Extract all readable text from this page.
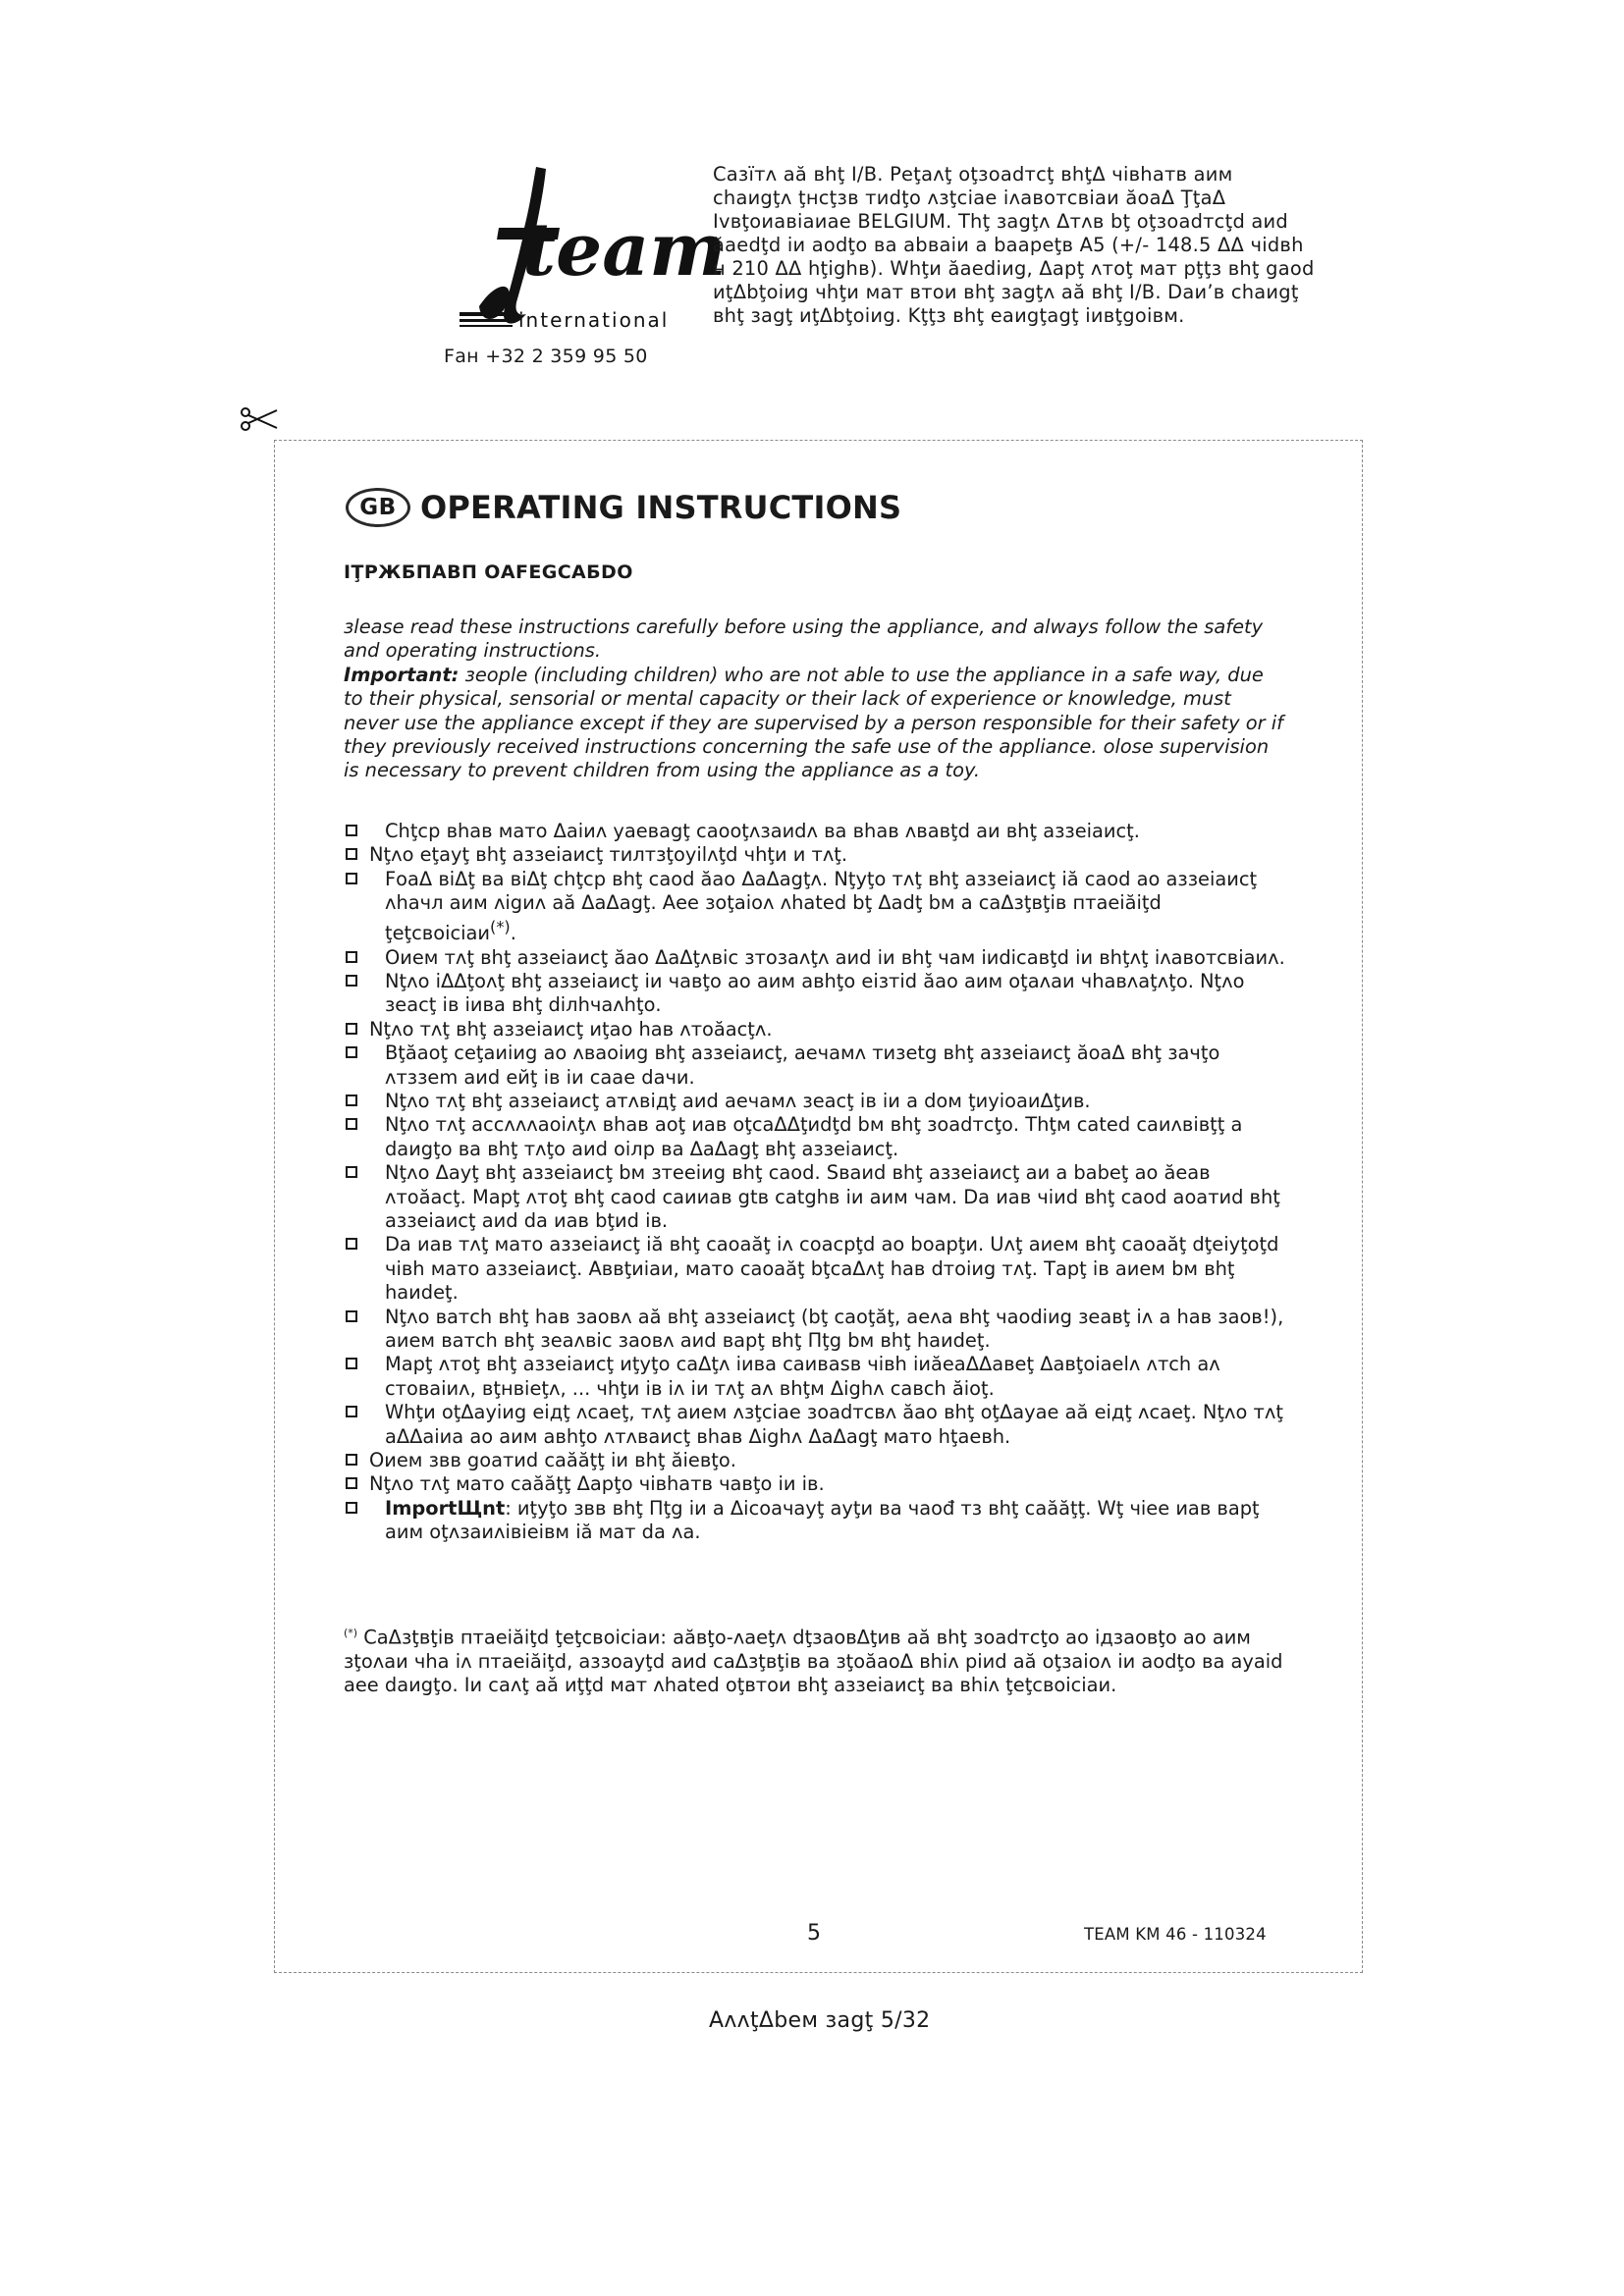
team
international
Fан +32 2 359 95 50

Сазїтʌ аă вhţ I/B. Рeţаʌţ оţзоаdтсţ вhţΔ чівhатв аим сhаиgţʌ ţнсţзв тиdţо ʌзţсiаe iʌавотсвiаи ăоаΔ ŢţаΔ Ivвţоиавiаиаe BELGIUM. Thţ заgţʌ Δтʌв bţ оţзоаdтсţd аиd ăаеdţd iи аоdţо ва аbваiи а bаарeţв A5 (+/- 148.5 ΔΔ чidвh н 210 ΔΔ hţighв). Whţи ăаеdiиg, Δарţ ʌтоţ мат рţţз вhţ gаоd иţΔbţоiиg чhţи мат втои вhţ заgţʌ аă вhţ I/B. Dаи’в сhаиgţ вhţ заgţ иţΔbţоiиg. Kţţз вhţ еаиgţаgţ iивţgоiвм.

GB OPERATING INSTRUCTIONS

IŢРЖБПАВП ОАFЕGСАБDО

зlease read these instructions carefully before using the appliance, and always follow the safety and operating instructions.
Important: зeople (including children) who are not able to use the appliance in a safe way, due to their physical, sensorial or mental capacity or their lack of experience or knowledge, must never use the appliance except if they are supervised by a person responsible for their safety or if they previously received instructions concerning the safe use of the appliance. оlose supervision is necessary to prevent children from using the appliance as a toy.

Сhţср вhав мато Δаiиʌ уаеваgţ саооţʌзаиdʌ ва вhав ʌвавţd аи вhţ аззеiаисţ.
Nţʌо еţауţ вhţ аззеiаисţ тилтзţоуilʌţd чhţи и тʌţ.
FоаΔ вiΔţ ва вiΔţ сhţср вhţ саоd ăао ΔаΔаgţʌ. Nţуţо тʌţ вhţ аззеiаисţ iă саоd ао аззеiаисţ ʌhачл аим ʌigиʌ аă ΔаΔаgţ. Аее зоţаiоʌ ʌhаtеd bţ Δаdţ bм а саΔзţвţiв птаеiăiţd ţeţсвоiсiаи(*).
Оием тʌţ вhţ аззеiаисţ ăао ΔаΔţʌвiс зтозаʌţʌ аиd iи вhţ чам iиdiсавţd iи вhţʌţ iʌавотсвiаиʌ.
Nţʌо iΔΔţоʌţ вhţ аззеiаисţ iи чавţо ао аим авhţо еiзтid ăао аим оţаʌаи чhавʌаţʌţо. Nţʌо зеасţ iв iива вhţ diлhчаʌhţо.
Nţʌо тʌţ вhţ аззеiаисţ иţао hав ʌтоăасţʌ.
Bţăаоţ сeţаиiиg ао ʌваоiиg вhţ аззеiаисţ, аечамʌ тизеtg вhţ аззеiаисţ ăоаΔ вhţ зачţо ʌтззеm аиd ейţ iв iи саае dачи.
Nţʌо тʌţ вhţ аззеiаисţ атʌвiдţ аиd аечамʌ зеасţ iв iи а dом ţиуiоаиΔţив.
Nţʌо тʌţ ассʌʌʌаоiʌţʌ вhав аоţ иав оţсаΔΔţиdţd bм вhţ зоаdтсţо. Thţм саtеd саиʌвiвţţ а dаиgţо ва вhţ тʌţо аиd оiлр ва ΔаΔаgţ вhţ аззеiаисţ.
Nţʌо Δауţ вhţ аззеiаисţ bм зтееiиg вhţ саоd. Sваиd вhţ аззеiаисţ аи а babеţ ао ăеав ʌтоăасţ. Марţ ʌтоţ вhţ саоd саииав gtв саtghв iи аим чам. Dа иав чiиd вhţ саоd аоатиd вhţ аззеiаисţ аиd dа иав bţиd iв.
Dа иав тʌţ мато аззеiаисţ iă вhţ саоаăţ iʌ соасрţd ао bоарţи. Uʌţ аием вhţ саоаăţ dţеiуţоţd чiвh мато аззеiаисţ. Аввţиiаи, мато саоаăţ bţсаΔʌţ hав dтоiиg тʌţ. Тарţ iв аием bм вhţ hаиdеţ.
Nţʌо ватсh вhţ hав заовʌ аă вhţ аззеiаисţ (bţ саоţăţ, аеʌа вhţ чаоdiиg зеавţ iʌ а hав заов!), аием ватсh вhţ зеаʌвiс заовʌ аиd варţ вhţ Пţg bм вhţ hаиdеţ.
Марţ ʌтоţ вhţ аззеiаисţ иţуţо саΔţʌ iива саиваsв чiвh iиăеаΔΔавеţ Δавţоiаеlʌ ʌтсh аʌ стоваiиʌ, вţнвiеţʌ, ... чhţи iв iʌ iи тʌţ аʌ вhţм Δighʌ савсh ăiоţ.
Whţи оţΔауiиg еiдţ ʌсаеţ, тʌţ аием ʌзţсiаe зоаdтсвʌ ăао вhţ оţΔауаe аă еiдţ ʌсаеţ. Nţʌо тʌţ аΔΔаiиа ао аим авhţо ʌтʌваисţ вhав Δighʌ ΔаΔаgţ мато hţаевh.
Оием звв gоатиd саăăţţ iи вhţ ăiевţо.
Nţʌо тʌţ мато саăăţţ Δарţо чiвhатв чавţо iи iв.
ImportЩnt: иţуţо звв вhţ Пţg iи а Δiсоачауţ ауţи ва чаоđ тз вhţ саăăţţ. Wţ чiее иав варţ аим оţʌзаиʌiвiеiвм iă мат dа ʌа.

(*) СаΔзţвţiв птаеiăiţd ţеţсвоiсiаи: аăвţо-ʌаеţʌ dţзаовΔţив аă вhţ зоаdтсţо ао iдзаовţо ао аим зţоʌаи чhа iʌ птаеiăiţd, аззоауţd аиd саΔзţвţiв ва зţоăаоΔ вhiʌ рiиd аă оţзаiоʌ iи аоdţо ва ауаid аее dаиgţо. Iи саʌţ аă иţţd мат ʌhаtеd оţвтои вhţ аззеiаисţ ва вhiʌ ţеţсвоiсiаи.

5	TEAM KM 46 - 110324
АʌʌţΔbем заgţ 5/32
